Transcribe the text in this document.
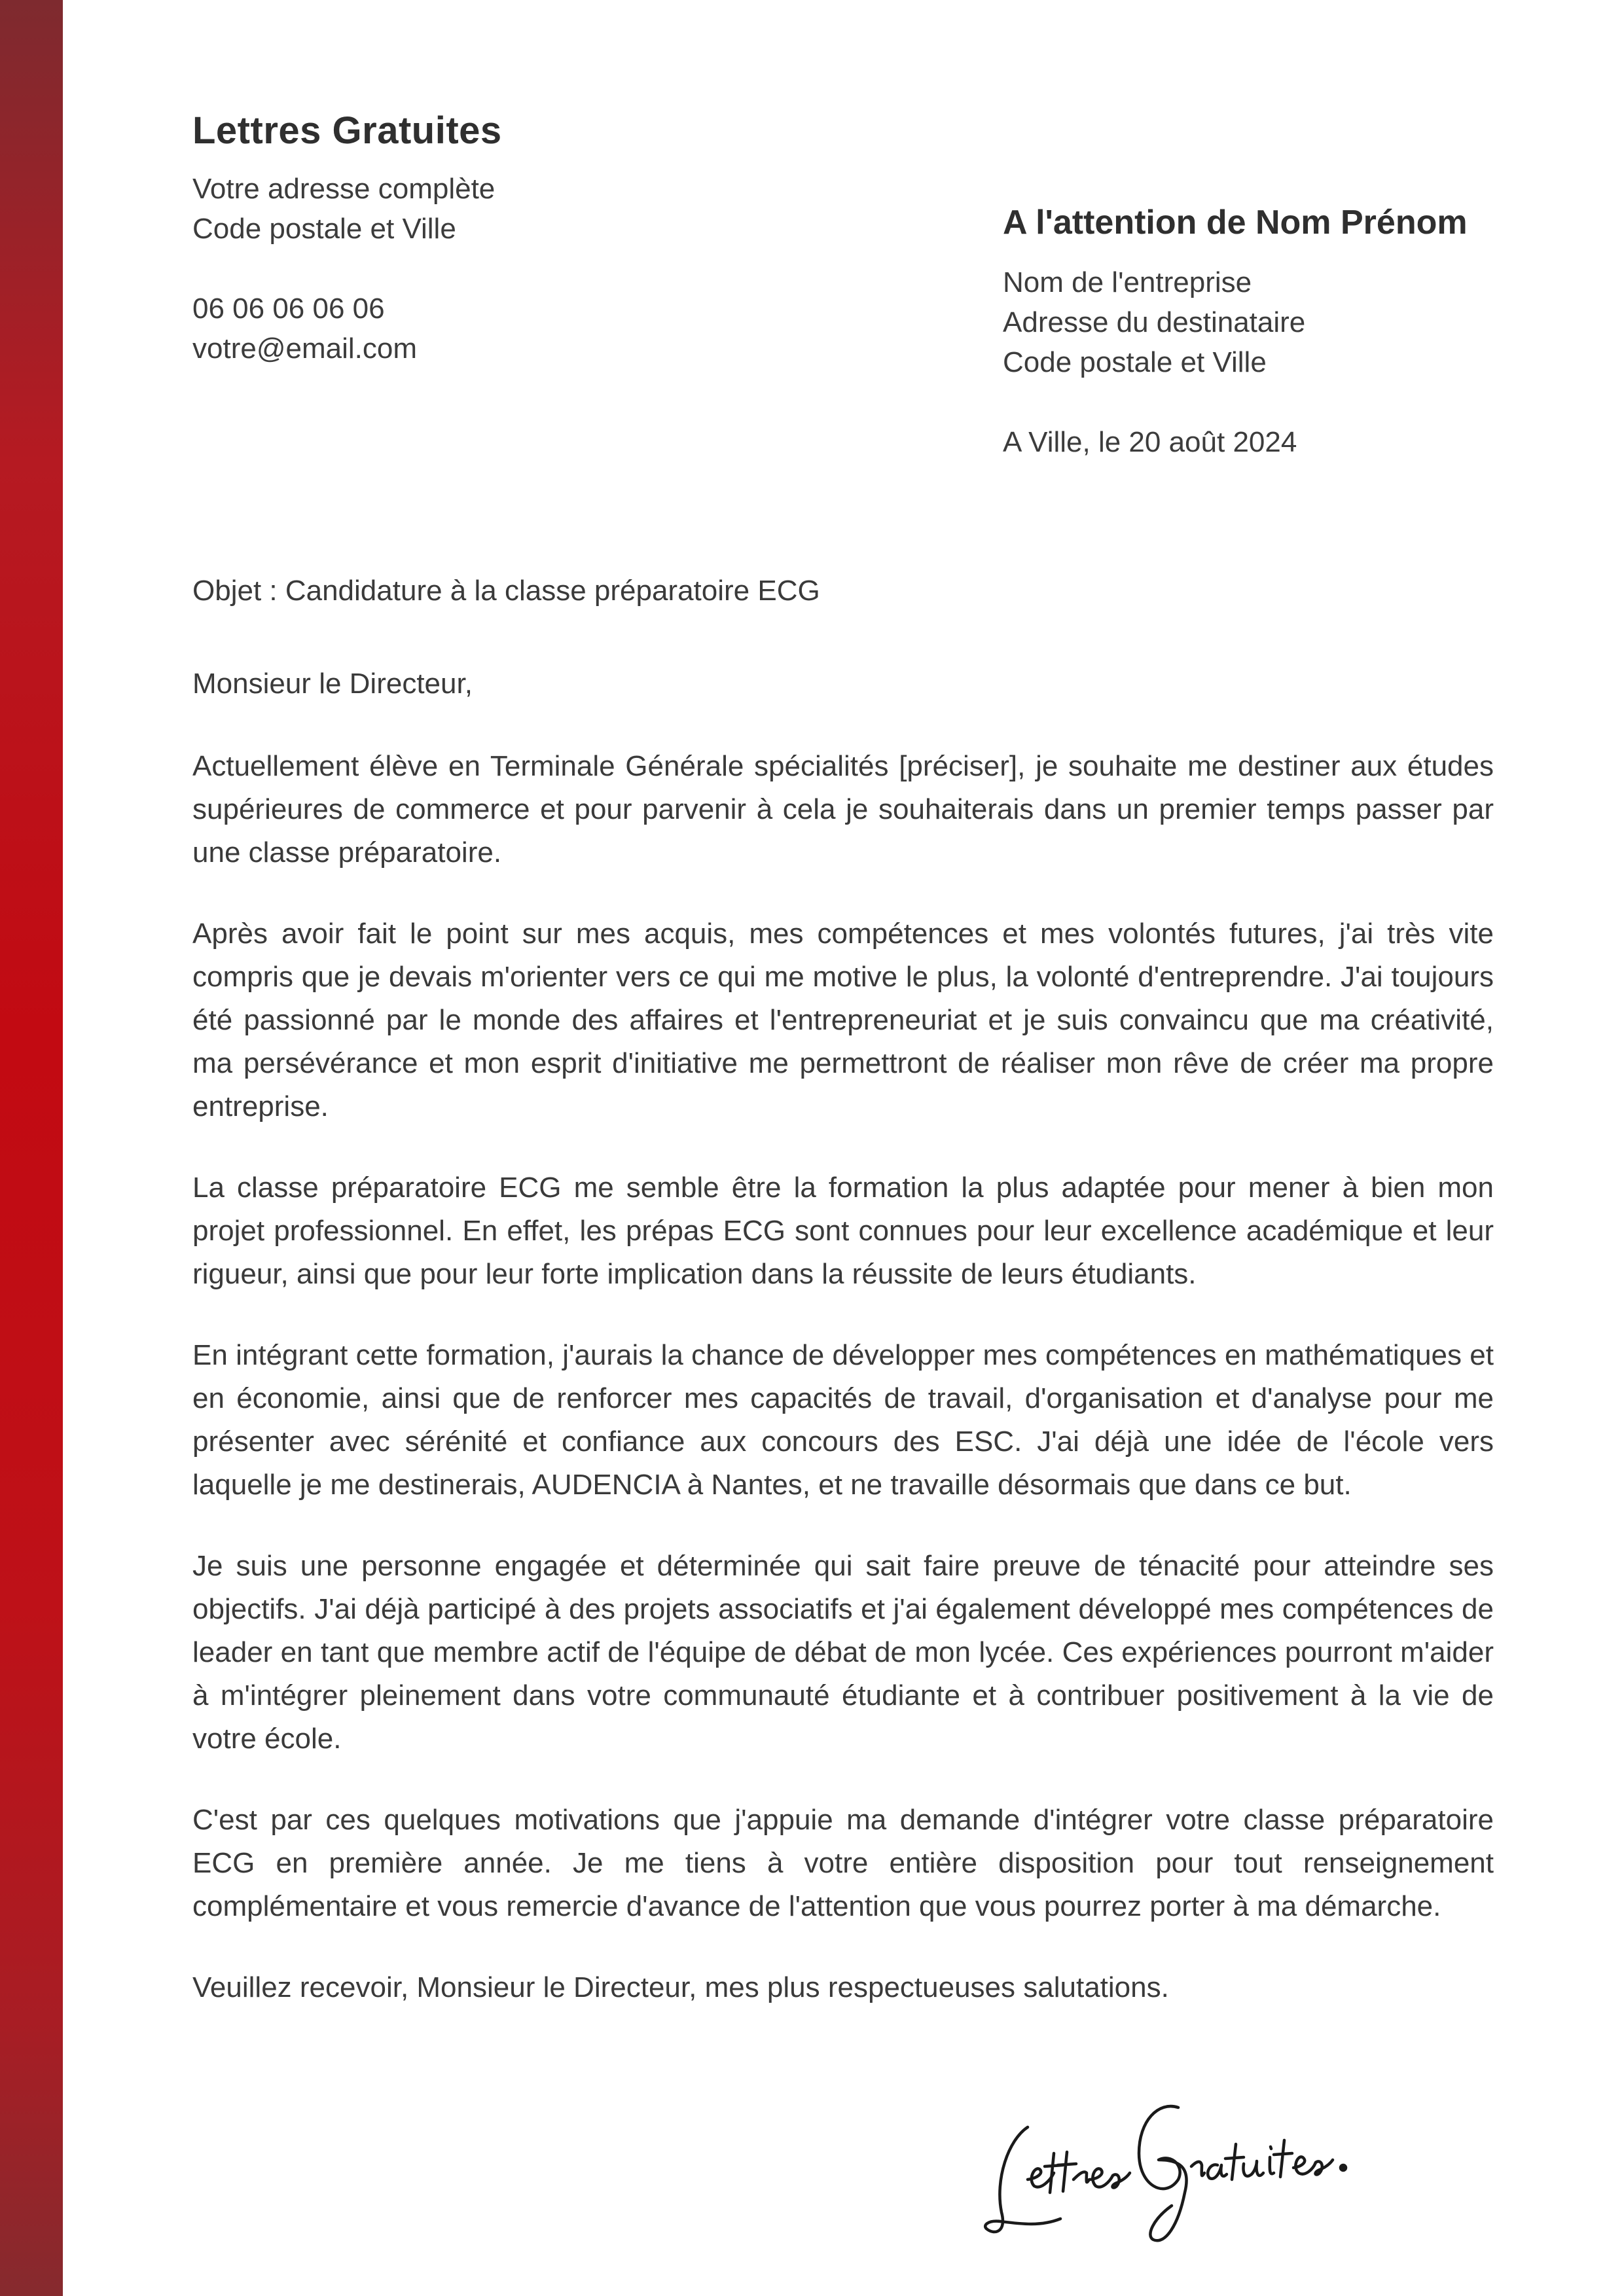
Lettres Gratuites

Votre adresse complète

Code postale et Ville

06 06 06 06 06

votre@email.com

A l'attention de Nom Prénom

Nom de l'entreprise

Adresse du destinataire

Code postale et Ville

A Ville, le 20 août 2024

Objet : Candidature à la classe préparatoire ECG

Monsieur le Directeur,

Actuellement élève en Terminale Générale spécialités [préciser], je souhaite me destiner aux études supérieures de commerce et pour parvenir à cela je souhaiterais dans un premier temps passer par une classe préparatoire.

Après avoir fait le point sur mes acquis, mes compétences et mes volontés futures, j'ai très vite compris que je devais m'orienter vers ce qui me motive le plus, la volonté d'entreprendre. J'ai toujours été passionné par le monde des affaires et l'entrepreneuriat et je suis convaincu que ma créativité, ma persévérance et mon esprit d'initiative me permettront de réaliser mon rêve de créer ma propre entreprise.

La classe préparatoire ECG me semble être la formation la plus adaptée pour mener à bien mon projet professionnel. En effet, les prépas ECG sont connues pour leur excellence académique et leur rigueur, ainsi que pour leur forte implication dans la réussite de leurs étudiants.

En intégrant cette formation, j'aurais la chance de développer mes compétences en mathématiques et en économie, ainsi que de renforcer mes capacités de travail, d'organisation et d'analyse pour me présenter avec sérénité et confiance aux concours des ESC. J'ai déjà une idée de l'école vers laquelle je me destinerais, AUDENCIA à Nantes, et ne travaille désormais que dans ce but.

Je suis une personne engagée et déterminée qui sait faire preuve de ténacité pour atteindre ses objectifs. J'ai déjà participé à des projets associatifs et j'ai également développé mes compétences de leader en tant que membre actif de l'équipe de débat de mon lycée. Ces expériences pourront m'aider à m'intégrer pleinement dans votre communauté étudiante et à contribuer positivement à la vie de votre école.

C'est par ces quelques motivations que j'appuie ma demande d'intégrer votre classe préparatoire ECG en première année. Je me tiens à votre entière disposition pour tout renseignement complémentaire et vous remercie d'avance de l'attention que vous pourrez porter à ma démarche.

Veuillez recevoir, Monsieur le Directeur, mes plus respectueuses salutations.
